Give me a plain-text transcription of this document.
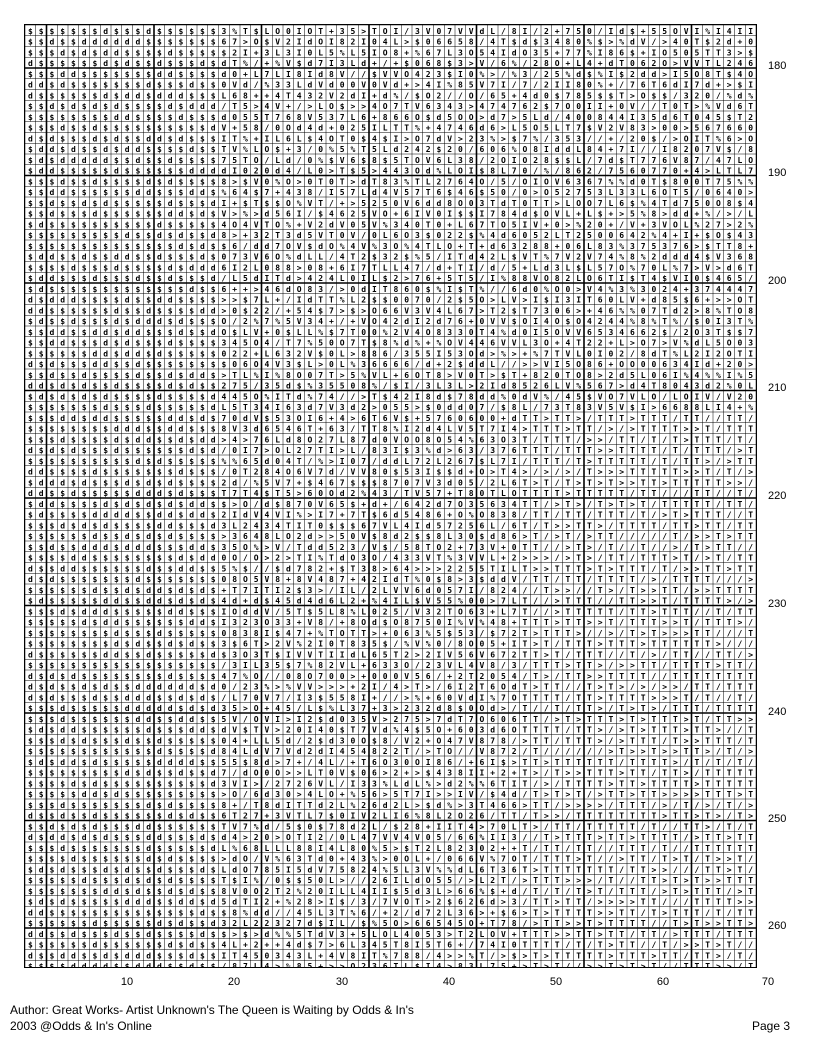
$ $ $ $ $ $ $ d $ $ $ d $ $ $ $ $ $ 3 % T $ L O 0 I O T + 3 5 > T O I / 3 V 0 7 V V d L / 8 I / 2 + 7 5 0 / I d $ + 5 5 O V I % I 4 I I
$ $ d $ $ d d d d d d $ $ $ $ $ $ $ 6 7 > O $ V 2 I d O I 8 2 I 0 4 L > $ 0 6 6 5 8 / 4 T $ d $ 3 4 8 0 % $ > % d V / > 4 0 T $ 2 d + 0
$ $ $ d $ d $ d d $ $ $ $ d $ $ $ $ $ 2 I + 3 L 3 I 0 L 5 % L 5 I O 8 + % 6 7 L 3 O 5 4 I d O 3 5 + 7 7 % I 8 6 $ + I O 5 0 5 T T 3 > $
d $ $ $ $ $ $ d $ d $ $ d $ $ $ d $ d T % / + % V $ d 7 I 3 L d + / + $ 0 6 8 $ 3 > V / 6 % / 2 8 O + L 4 + d T 0 6 2 O > V V T L 2 4 6
$ $ $ d d $ $ $ $ $ $ $ d d $ $ $ $ d 0 + L 7 L I 8 I d 8 V / / $ V V O 4 2 3 $ I 0 % > / % 3 / 2 5 % d $ % I $ 2 d d > I 5 O 8 T $ 4 O
d d $ d $ $ $ $ $ $ $ d $ $ $ d $ $ 0 V d / % 3 3 L d V d 0 0 V 0 V d + > 4 I % 8 5 V 7 I / 7 / 2 I I 8 0 % + / 7 6 T 6 d I 7 d + > $ I
d $ $ $ $ $ $ d $ d d $ d d d $ $ $ L 6 8 + + 4 T 4 3 2 V 2 d I + d % / $ O 2 / / O / 6 5 + 4 d 0 $ 7 8 5 $ $ T > O $ $ / 3 2 0 / % d %
$ $ d $ d $ d $ d $ $ $ $ d $ d d d / T 5 > 4 V + / > L O $ > > 4 O 7 T V 6 3 4 3 > 4 7 4 7 6 2 $ 7 O 0 I I + 0 V / / T 0 T > % V d 6 T
$ $ $ $ $ $ $ $ d d $ $ $ $ d $ $ $ d 0 5 5 T 7 6 8 V 5 3 7 L 6 + 8 6 6 O $ d 5 O O > d 7 > 5 L d / 4 0 0 8 4 4 I 3 5 d 6 T 0 4 5 $ T 2
$ $ $ d $ $ d $ $ $ $ $ $ $ $ $ $ d V + 5 8 / 0 O d 4 d + 0 2 5 I L T T % + 4 7 4 6 d 6 > L 5 O 5 L T 7 $ V 2 V 8 3 > 0 0 > 5 6 7 6 6 0
d $ d $ $ $ d $ d $ $ d d $ d $ $ $ I T % + I L 6 L $ 4 O T 0 $ 4 $ I > O 7 d V > 2 3 % > $ 7 % / 3 5 3 / / + / 2 0 $ / > O I T % 6 > O
$ d d $ d $ $ d $ d d $ $ $ $ d $ $ T V % L O $ + 3 / 0 % 5 % T 5 L d 2 4 2 $ 2 0 / 6 0 6 % O 8 I d d L 8 4 + 7 I / / I 8 2 0 7 V $ / 8
$ d $ d d d d d $ $ d $ $ d $ $ $ $ 7 5 T O / L d / 0 % $ V 6 $ 8 $ 5 T O V 6 L 3 8 / 2 O I O 2 8 $ $ L / 7 d $ T 7 7 6 V 8 7 / 4 7 L O
$ d d $ $ $ $ $ d $ $ $ $ $ $ d d d d I 0 2 0 d 4 / L 0 > T $ 5 > 4 4 3 O d % L O I $ 8 L 7 0 / % / 8 6 2 / 7 5 6 0 7 7 0 + 4 > L T L 7
$ $ $ d $ $ d $ $ $ $ d $ d $ $ $ $ 8 > $ V 0 % O > 0 T 0 T > d T 8 3 % T L 2 7 6 4 O / 5 / O I O V 6 3 6 7 % % d 0 T $ 8 0 0 T 7 5 % %
$ $ d d $ $ $ $ $ $ d d $ $ $ d d $ % 6 4 $ 7 + 4 3 8 / I 5 7 L d 4 V 5 7 T 6 $ 4 6 $ 5 0 / 0 > O 5 2 7 5 3 L 3 3 L 6 O T 5 / 0 6 4 0 >
$ $ d $ $ d $ d $ $ $ $ $ d $ $ $ d I + $ T $ $ O % V T / + > 5 2 5 0 V 6 d d 8 O 0 3 T d T 0 T T > L O O 7 L 6 $ % 4 T d 7 5 0 O 8 $ 4
$ $ d $ $ $ d $ $ $ $ $ $ d d $ d $ V > % > d 5 6 I / $ 4 6 2 5 V O + 6 I V 0 I $ $ I 7 8 4 d $ O V L + L $ + > 5 % 8 > d d + % / > / L
$ d $ $ $ $ $ $ $ $ $ $ d $ $ $ $ $ 4 O 4 V T O % + V 2 d V 0 5 V % 3 4 0 T 0 + L 6 7 T O 5 I V + 0 > % 2 0 + / V + 3 V O L % 2 7 > 2 %
$ $ $ $ $ $ $ $ $ d $ $ d $ d $ $ d 8 > + 3 2 T 3 d 5 V T 0 V / 0 L 6 O 3 $ 0 2 2 $ % 4 d 6 0 5 2 L T 2 5 0 0 6 4 2 % 4 + I + $ O $ 4 3
$ $ $ $ $ $ $ $ $ $ $ $ $ $ d $ d $ $ 6 / d d 7 O V $ d O % 4 V % 3 O % 4 T L O + T + d 6 3 2 8 8 + 0 6 L 8 3 % 3 7 5 3 7 6 > $ T T 8 +
$ d d $ $ d $ $ d d $ $ d $ $ $ d $ 0 7 3 V 6 O % d L L / 4 T 2 $ 3 2 $ % 5 / I T d 4 2 L $ V T % 7 V 2 V 7 4 % 8 % 2 d d d 4 $ V 3 6 8
$ $ $ $ d $ $ $ d $ $ $ $ d $ d d d 6 I 2 L 0 8 8 > 0 8 + 6 I 7 T L L 4 7 / d + T I / d / 5 + L d 3 L $ L 5 7 O % 7 0 L % 7 > V > d 6 T
$ d d $ $ $ d $ $ $ d $ $ d $ $ $ d / L 5 d I T d > 4 2 4 L 0 I L $ 2 > 7 6 + 5 T 5 / I % 8 8 V O 8 2 L O 6 T I $ T 4 $ V I 0 $ 4 6 5 /
$ d $ $ $ $ $ $ $ $ $ $ $ $ $ d $ $ 6 + + > 4 6 d O 8 3 / > 0 d I T 8 6 0 $ % I $ T % / / 6 d 0 % O 0 > V 4 % 3 % 3 0 2 4 + 3 7 4 4 4 7
d $ d d d $ $ $ $ d $ $ d d $ $ $ $ > > $ 7 L + / I d T T % L 2 $ $ 0 0 7 0 / 2 $ 5 O > L V > I $ I 3 I T 6 0 L V + d 8 5 $ 6 + > > O T
d d $ $ $ $ $ $ d $ $ d $ $ $ $ d d > 0 $ 2 2 / + 5 4 $ 7 > $ > O 6 6 V 3 V 4 L 6 7 > T 2 $ T 7 3 0 6 > + 4 6 % % 0 7 T d 2 > 8 % T O 8
$ d $ $ d $ $ $ d $ d d d $ d $ $ $ O / 2 % 7 % 5 V 3 4 + / + V O 4 2 d I 2 d 7 6 + 0 V V $ O I 4 O $ O 4 2 4 4 % 8 % T % / $ 0 I 3 T %
$ $ d d $ $ d d $ d d $ $ $ d $ $ d O $ L V + 0 $ L L % $ 7 T 0 0 % 2 V 4 O 8 3 3 0 T 4 % d 0 I 5 O V V 6 5 3 4 6 6 2 $ / 2 O 3 T $ $ 7
$ $ d d $ $ $ d $ d $ $ $ d $ $ $ $ 3 4 5 O 4 / T 7 % 5 0 O 7 T $ 8 % d % + % O V 4 4 6 V V L 3 O + 4 T 2 2 + L > O 7 > V % d L 5 O 0 3
$ $ $ $ $ $ d d $ d d $ d $ $ $ $ $ 0 2 2 + L 6 3 2 V $ 0 L > 8 8 6 / 3 5 5 I 5 3 O d > % > + % 7 T V L 0 I 0 2 / 8 d T % L 2 I 2 O T I
d $ d $ $ $ d d $ $ d $ $ $ $ $ $ $ $ 0 6 O 4 V 3 $ L > 0 L % 3 6 6 6 6 / d + 2 $ d d L / / > > V I 5 O 8 6 + O O 0 0 6 3 4 I d + 2 0 >
$ $ d $ $ d $ $ $ $ d $ $ d $ d d $ > T L % I % 8 O 0 7 T > 5 % V L + 6 O T 8 > V 0 T > $ T + 8 2 0 T O 8 > 2 d 5 L 0 6 I % 4 % % I % 5
d d $ d $ d $ $ d $ $ $ $ d $ d $ $ 2 7 5 / 3 5 d $ % 3 5 5 0 8 % / $ I / 3 L 3 L > 2 I d 8 5 2 6 L V % 5 6 7 > d 4 T 8 0 4 3 d 2 % 0 L
$ d $ d $ d $ d $ $ $ $ d $ $ $ $ d 4 4 5 O % I T d % 7 4 / / > T $ 4 2 I 8 d $ 7 8 d d % 0 d V % / 4 5 $ V O 7 V L O / L O I V / V 2 0
$ $ $ $ $ $ $ d $ $ $ d $ $ $ $ $ d L 5 T 3 4 I 6 3 d 7 V 3 d 2 > 0 5 5 > $ 0 d d 0 7 / $ 8 L / 7 3 T 8 3 V 5 V $ I > 6 6 8 8 L I 4 + %
$ $ $ d d $ d d $ $ $ $ $ d d $ d $ 7 0 d V $ 5 3 O I 6 + 4 > 6 T 6 V $ + 5 7 6 0 6 0 0 + d T T > T T > / T T T > T T T / T T / / T T /
$ $ $ $ $ $ $ $ d d d $ $ d d $ $ $ 8 V 3 d 6 5 4 6 T + 6 3 / T T 8 % I 2 d 4 L V 5 T 7 I 4 > T T T > T T / > / > T T T T > > T / T T T
$ $ $ d $ $ $ $ d $ d d $ $ d $ d d > 4 > 7 6 L d 8 O 2 7 L 8 7 d 0 V O O 8 O 5 4 % 6 3 O 3 T / T T T / > > / T T / T / T > T T T / T /
d $ d $ d $ $ $ d $ $ $ $ $ $ d $ d / 0 I 7 > O L 2 7 T I > L / 8 3 I $ 3 % d > 6 3 / 3 7 6 T T T / T T T > > T T T T / T / T T T / > T
$ $ $ $ $ $ $ $ $ $ d $ d $ $ $ $ $ % % 6 5 d 0 4 T / % > I 0 7 / d d L 7 2 L 2 6 7 $ L 7 I / T T T / T > T T T T T / T / T T > / > T T
d d $ $ $ $ d $ $ $ $ $ $ $ d $ $ $ / 0 T 2 8 4 O 6 V 7 d / V V 8 0 $ 5 3 I $ $ d + O > T 4 > / > / > / T > > > T T T T T > > T / T / >
$ d d d $ d $ $ $ d $ d $ d $ $ $ $ 2 d / % 5 V 7 + $ 4 6 7 $ $ $ 8 7 0 7 V 3 d 0 5 / 2 L 6 T > T / T > T > T > > T T > T T T T T > > /
d d $ $ d $ $ $ $ $ d d d $ d $ $ $ T 7 T 4 $ T 5 > 6 0 O d 2 % 4 3 / T V 5 7 + T 8 0 T L O T T T T > T T T T T / T T / / / T T / / T /
$ d d $ $ $ $ d $ d $ d $ d $ d d $ $ > O / d $ 8 7 0 V 6 5 $ + d + / 6 4 2 d 7 O 3 5 6 3 4 T T / > T > / T > T > T / T T T T T / T T /
$ d $ $ $ $ d d d d $ $ d d $ d d $ 2 I d V 4 V I % > I 7 + 7 T $ 6 d 5 4 8 6 + O % O 8 3 8 / T T / T T / T T T / T / > T > T T T / / T
$ $ $ d $ d $ d $ $ $ $ d d $ $ $ d 3 L 2 4 3 4 T I T 0 $ $ $ 6 7 V L 4 I d 5 7 2 5 6 L / 6 T / T > > T T > / T T T T / T T > T T / T T
$ $ $ $ $ $ d $ $ d $ d $ d $ $ $ $ > 3 6 4 8 L O 2 d > > 5 0 V $ 8 d 2 $ $ 8 L 3 0 $ d 8 6 > T / > T / > T T / / / / / T / > > T > T T
$ $ d $ $ d d d $ d d d $ $ $ d d $ 3 5 O % > V / T d d 5 2 3 / V $ / 5 8 T O 2 + 7 3 V + 0 T T / / > T > / T / / T / / > / T > T T / /
$ $ $ $ d d $ $ $ $ $ $ $ $ d $ d d 0 O / O > 2 > T I % T d O 3 O / 4 3 3 V T % 3 V V L + 2 > > > / > T > / T T / T T T > T / > T / T T
d $ $ d d $ $ $ $ $ $ d $ $ d d $ $ 5 % $ / / $ d 7 8 2 + $ T 3 8 > 6 4 > > > 2 2 5 5 T I L T > > T T T > T > T T T / T / > > T T > T T
d $ d $ $ $ $ $ $ $ d $ $ $ $ $ $ $ 0 8 O 5 V 8 + 8 V 4 8 7 + 4 2 I d T % 0 $ 8 > 3 $ d d V / T T / T T / T T T T / > / T T T T / / / >
$ $ $ $ $ $ d $ $ d $ d d $ d $ d $ + T 7 I T I 2 $ 3 > / I L / 2 L V V 6 d 0 5 7 I / 8 2 4 / / T > > / / T > / T > > T T / > > T T T T
$ d $ $ $ $ $ d d $ $ d d $ d $ d $ 4 d + d $ 4 5 d 4 d 6 L 2 + % 4 I L $ V 5 5 % 0 0 > 7 L T / / > T T T / / T T > > T / T T T T > / >
$ $ $ d $ d d d $ $ $ $ $ d d $ $ $ I O d d V / 5 T $ 5 L 8 % L 0 2 5 / V 3 2 T O 6 3 + L 7 T / / > T T T T T / T T > T T T / / T / T T
$ $ $ $ $ d $ d d $ $ $ $ $ $ d d $ I 3 2 3 O 3 3 + V 8 / + 8 O d $ O 8 7 5 0 I % V % 4 8 + T T T > T T > > T / T T T > > T / T T T > /
$ $ $ $ $ $ $ $ d $ $ $ d $ $ $ $ $ 0 8 3 8 I $ 4 7 + % T O T T > + 0 6 3 % 5 $ 5 3 / $ 7 2 T > T T T > / / > / T > T > > > T T / / / T
$ $ $ $ $ $ $ $ d $ d $ $ d $ d $ $ 3 $ 6 T > 2 V % 2 I 0 T 8 3 5 $ / % V % 0 / 8 O 0 5 + I T > T / T T T > T T T > T T T T T T > / / /
d $ $ $ $ $ $ d d $ $ d $ $ $ $ $ d $ 3 O 3 T $ I V V T I I d L 6 5 T 2 > 2 I V 5 6 V 6 7 2 T T > T / T T T / / T / > / T T / / T T / >
$ $ $ $ $ $ $ $ $ $ $ $ $ $ $ $ $ $ / 3 I L 3 5 $ 7 % 8 2 V L + 6 3 3 O / 2 3 V L 4 V 8 / 3 / T T T > T T > / > > T T / T T T T > T T /
d $ d $ d $ $ $ $ $ $ $ $ d $ $ $ $ 4 7 % O / / 0 8 O 7 0 0 > + 0 0 0 V 5 6 / + 2 T 2 0 5 4 / T > / T T > > T T T T / / T T T T T T T T
d $ d $ $ d $ d $ $ d d d d d d $ d 0 / 2 3 % > % V V > > > + 2 I / 4 > T > / 6 I 2 T 6 O d T > T T / / T > T > / > / > > / T T / T T T
d $ d $ $ $ d $ $ d d d $ $ d $ d $ / L 7 0 V 7 / I 3 $ 5 5 8 I + / / > % + 6 0 V d I % 7 O T T T T / T T > T T T T > > > T / T / / T /
$ $ $ d $ $ $ $ $ d d d d d $ d $ d 3 5 > O + 4 5 / L $ % L 3 7 + 3 > 2 3 2 d 8 $ 0 O d > / T / / T / T T > / T > T > / T T T / T T T T
$ $ $ d $ $ $ $ $ $ d d $ $ d d $ $ 5 V / O V I > I 2 $ d 0 3 5 V > 2 7 5 > 7 d T 7 O 6 0 6 T T / > T > T T T > T > T T T > T / T T > >
$ d $ d d $ $ $ $ $ $ d $ $ $ d d $ d V $ T V > 2 0 I 4 0 $ T 7 V d % 4 $ 5 O + 6 0 3 d 6 O T T T T / T T > / > T > T T T > T T > / / T
$ $ $ d $ d $ $ $ d $ $ d $ $ $ $ $ 0 4 + L L 5 d / 2 $ d 3 0 O $ 8 / V 2 + O 4 7 V 8 7 8 / > T T / T T T > / > T T T / T > > T T T / T
$ $ $ $ $ $ $ $ $ $ $ $ d $ $ $ $ d 8 4 L d V 7 V d 2 d I 4 5 4 8 2 2 T / > T O / / V 8 7 2 / T / / / / / / > T > > T > > T T > / T / >
$ d $ d d $ d $ $ $ $ $ d d d d $ $ 5 5 $ 8 d > 7 + / 4 L / + T 6 O 3 0 O I 8 6 / + 6 I $ > T T > T T T T T T / T T T T > / T / T / T /
$ $ $ $ $ $ $ $ $ d $ d $ $ d $ $ d 7 / d O 0 O > > L T 0 V $ 0 6 > 2 + > $ 4 3 8 I I + 2 + T > / T > > T T T > T T / T T > / T T T T T
$ $ $ $ d $ d $ $ $ $ $ $ $ $ $ $ d 3 V I > / 2 7 2 6 V L / I 3 3 % L d L % > d 2 % % 6 T I T / > / T T T T > T T > T T T T > T T T T T
$ $ $ $ $ d d $ d $ $ $ $ $ $ $ $ $ > O / 6 d 3 0 > 4 L O + % 5 6 > 5 T 7 I > > I V / $ 4 d / T > T > T / > T T > T T > > > > T T T > T
$ $ $ d $ $ $ $ $ $ $ d $ d $ $ $ $ 8 + / T 8 d I T T d 2 L % 2 6 d 2 L > $ d % > 3 T 4 6 6 > T T / > > > > / T T T / > / T / > / T / >
d $ $ d $ $ d $ $ $ $ $ $ d $ d $ $ 6 T 2 7 + 3 V T L 7 $ 0 I V 2 L I 6 % 8 L 2 O 2 6 / T T / T > > / T T T T T T T T > T T > T > / T >
$ $ d $ d $ d $ $ $ d d $ $ $ $ $ $ T V 7 % d / 5 $ 0 $ 7 8 d 2 L / $ 2 8 + I I T 4 > 7 0 L T > / T T / T T T T T / T / / T T > / T / T
d $ d d $ d $ d $ $ $ d d $ $ $ d $ d 4 > 2 0 > O T I 2 / 0 L 4 7 V V 4 V 0 5 / 6 6 % I I 3 / / T > T T T > T T > T T T T / > T T > T T
$ $ $ d $ $ $ $ $ $ $ d $ $ $ $ $ d L % 6 8 L L L 8 8 I 4 L 8 0 % 5 > $ T 2 L 8 2 3 0 2 + + T / T T / T T / / T T T / T / / T T T T T T
$ $ $ $ d $ $ $ $ $ $ d $ d $ $ $ $ > d O / V % 6 3 T d 0 + 4 3 % > 0 O L + / 0 6 6 V % 7 O T / T T T > T / / > T T / T > T / T > > T /
$ d $ d $ $ $ d $ d $ $ d $ $ $ d $ L d O 7 8 5 I 5 d V 7 5 8 2 4 % 5 L 3 V % % d L 6 T 3 6 T > T T T T T T T / T T > > / / / T T > T /
$ $ $ $ $ d $ $ $ d $ d $ d $ $ $ $ T $ I % / 0 $ $ 5 0 L > / / 2 6 I L d O 5 5 / > L 2 T / > T T T > > > / T / / T T > T > T > > T T T
$ $ $ $ $ $ $ d d $ d $ $ d $ d $ $ 8 V 0 O 2 T 2 % 2 0 I L L 4 I I $ 5 d 3 L > 6 6 % $ + d / T / T / T > T / T T T / > T > T T T / > T
$ d $ d $ $ $ $ $ d d d $ $ d d $ d 5 d T I 2 + % 2 8 > I $ / 3 / 7 V O T > 2 $ 6 2 6 d > 3 / T T > T T / > > > > T T / / / T T T T > >
d d $ $ $ $ $ $ $ $ $ $ $ $ $ $ d $ $ 8 % d d / / 4 5 L 3 T % 6 / + 2 / d 7 2 L 3 6 > + $ 6 > T > T T T T > > T T / T > T T T / T / T T
$ $ $ $ $ $ d $ $ $ $ $ d $ d $ $ d 3 2 L 2 2 3 2 7 d $ I L / $ % 5 O > 6 6 5 4 5 O + T 7 8 / > T T > > T > T T T T / / T > T > > T T >
d d $ $ d $ $ $ d $ $ d $ $ $ $ d $ $ > $ > d % % 5 T d V 3 + 5 L O L 4 0 5 3 > T 2 L O V + T T T > > T T > T T / T T / > T T T / T T T
$ $ $ $ $ $ d $ $ $ $ $ $ d $ d $ $ 4 L + 2 + + 4 d $ 7 > 6 L 3 4 5 T 8 I 5 T 6 + / 7 4 I 0 T T T T / T / T > T T / / T / > > T > T / /
d $ $ d d $ $ d $ d d d $ $ $ d $ $ I T 4 5 0 3 4 3 L + 4 V 8 I T % 7 8 8 / 4 > > % T / > $ > T > T T T T T > T T T > T T / T T > / T /
$ $ $ $ d d d d $ $ d d d $ $ d $ $ / 8 7 L 4 > % 8 5 + > > O 2 3 6 T L $ I 4 > 8 3 L 7 5 + > T > T / / > > T > T > T / / T T T > > / T
180
190
200
210
220
230
240
250
260
10	20	30	40	50	60	70
Author: Great Works- Artist Unknown's The Queen is Waiting by Odds & In's
2003 @Odds & In's Online	Page 3
